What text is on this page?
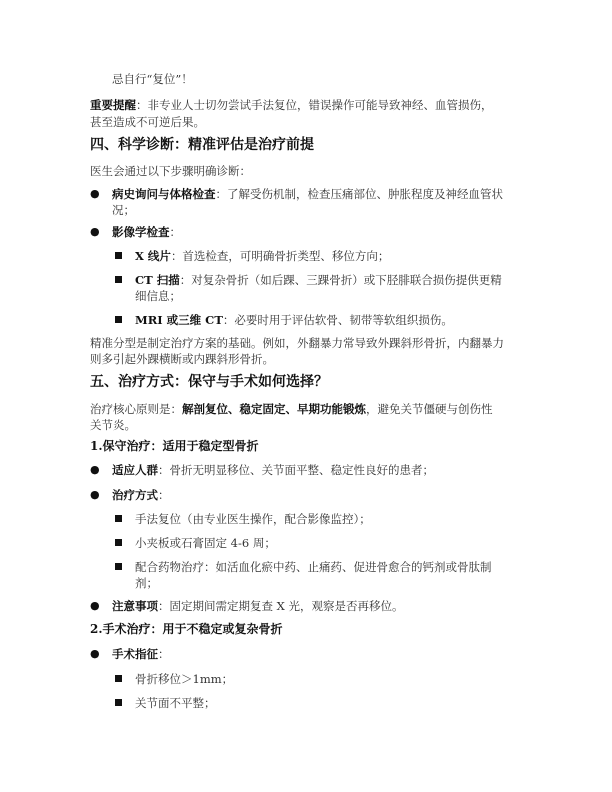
忌自行“复位”！

重要提醒：非专业人士切勿尝试手法复位，错误操作可能导致神经、血管损伤，

甚至造成不可逆后果。

四、科学诊断：精准评估是治疗前提

医生会通过以下步骤明确诊断：

● 病史询问与体格检查：了解受伤机制，检查压痛部位、肿胀程度及神经血管状

况；

● 影像学检查：

X 线片：首选检查，可明确骨折类型、移位方向；

CT 扫描：对复杂骨折（如后踝、三踝骨折）或下胫腓联合损伤提供更精

细信息；

MRI 或三维 CT：必要时用于评估软骨、韧带等软组织损伤。

精准分型是制定治疗方案的基础。例如，外翻暴力常导致外踝斜形骨折，内翻暴力

则多引起外踝横断或内踝斜形骨折。

五、治疗方式：保守与手术如何选择？

治疗核心原则是：解剖复位、稳定固定、早期功能锻炼，避免关节僵硬与创伤性

关节炎。

1.保守治疗：适用于稳定型骨折
● 适应人群：骨折无明显移位、关节面平整、稳定性良好的患者；

● 治疗方式：

手法复位（由专业医生操作，配合影像监控）；

小夹板或石膏固定 4-6 周；

配合药物治疗：如活血化瘀中药、止痛药、促进骨愈合的钙剂或骨肽制

剂；

● 注意事项：固定期间需定期复查 X 光，观察是否再移位。

2.手术治疗：用于不稳定或复杂骨折
● 手术指征：

骨折移位＞1mm；

关节面不平整；
